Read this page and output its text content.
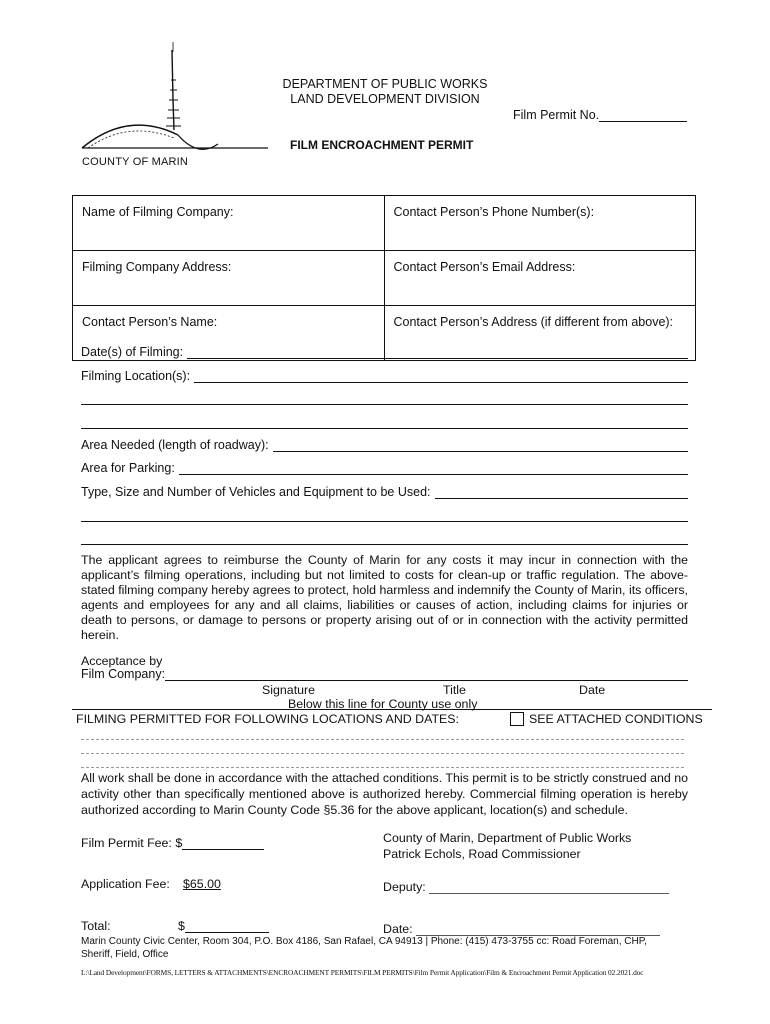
COUNTY OF MARIN
DEPARTMENT OF PUBLIC WORKS
LAND DEVELOPMENT DIVISION
Film Permit No.
FILM ENCROACHMENT PERMIT
Name of Filming Company:	Contact Person’s Phone Number(s):
Filming Company Address:	Contact Person’s Email Address:
Contact Person’s Name:	Contact Person’s Address (if different from above):
Date(s) of Filming:
Filming Location(s):
Area Needed (length of roadway):
Area for Parking:
Type, Size and Number of Vehicles and Equipment to be Used:
The applicant agrees to reimburse the County of Marin for any costs it may incur in connection with the applicant’s filming operations, including but not limited to costs for clean-up or traffic regulation. The above-stated filming company hereby agrees to protect, hold harmless and indemnify the County of Marin, its officers, agents and employees for any and all claims, liabilities or causes of action, including claims for injuries or death to persons, or damage to persons or property arising out of or in connection with the activity permitted herein.
Acceptance by
Film Company:
Signature	Title	Date
Below this line for County use only
FILMING PERMITTED FOR FOLLOWING LOCATIONS AND DATES:	SEE ATTACHED CONDITIONS
All work shall be done in accordance with the attached conditions. This permit is to be strictly construed and no activity other than specifically mentioned above is authorized hereby. Commercial filming operation is hereby authorized according to Marin County Code §5.36 for the above applicant, location(s) and schedule.
Film Permit Fee: $
Application Fee: $65.00
Total:	$
County of Marin, Department of Public Works
Patrick Echols, Road Commissioner
Deputy:
Date:
Marin County Civic Center, Room 304, P.O. Box 4186, San Rafael, CA 94913 | Phone: (415) 473-3755 cc: Road Foreman, CHP, Sheriff, Field, Office
L:\Land Development\FORMS, LETTERS & ATTACHMENTS\ENCROACHMENT PERMITS\FILM PERMITS\Film Permit Application\Film & Encroachment Permit Application 02.2021.doc
